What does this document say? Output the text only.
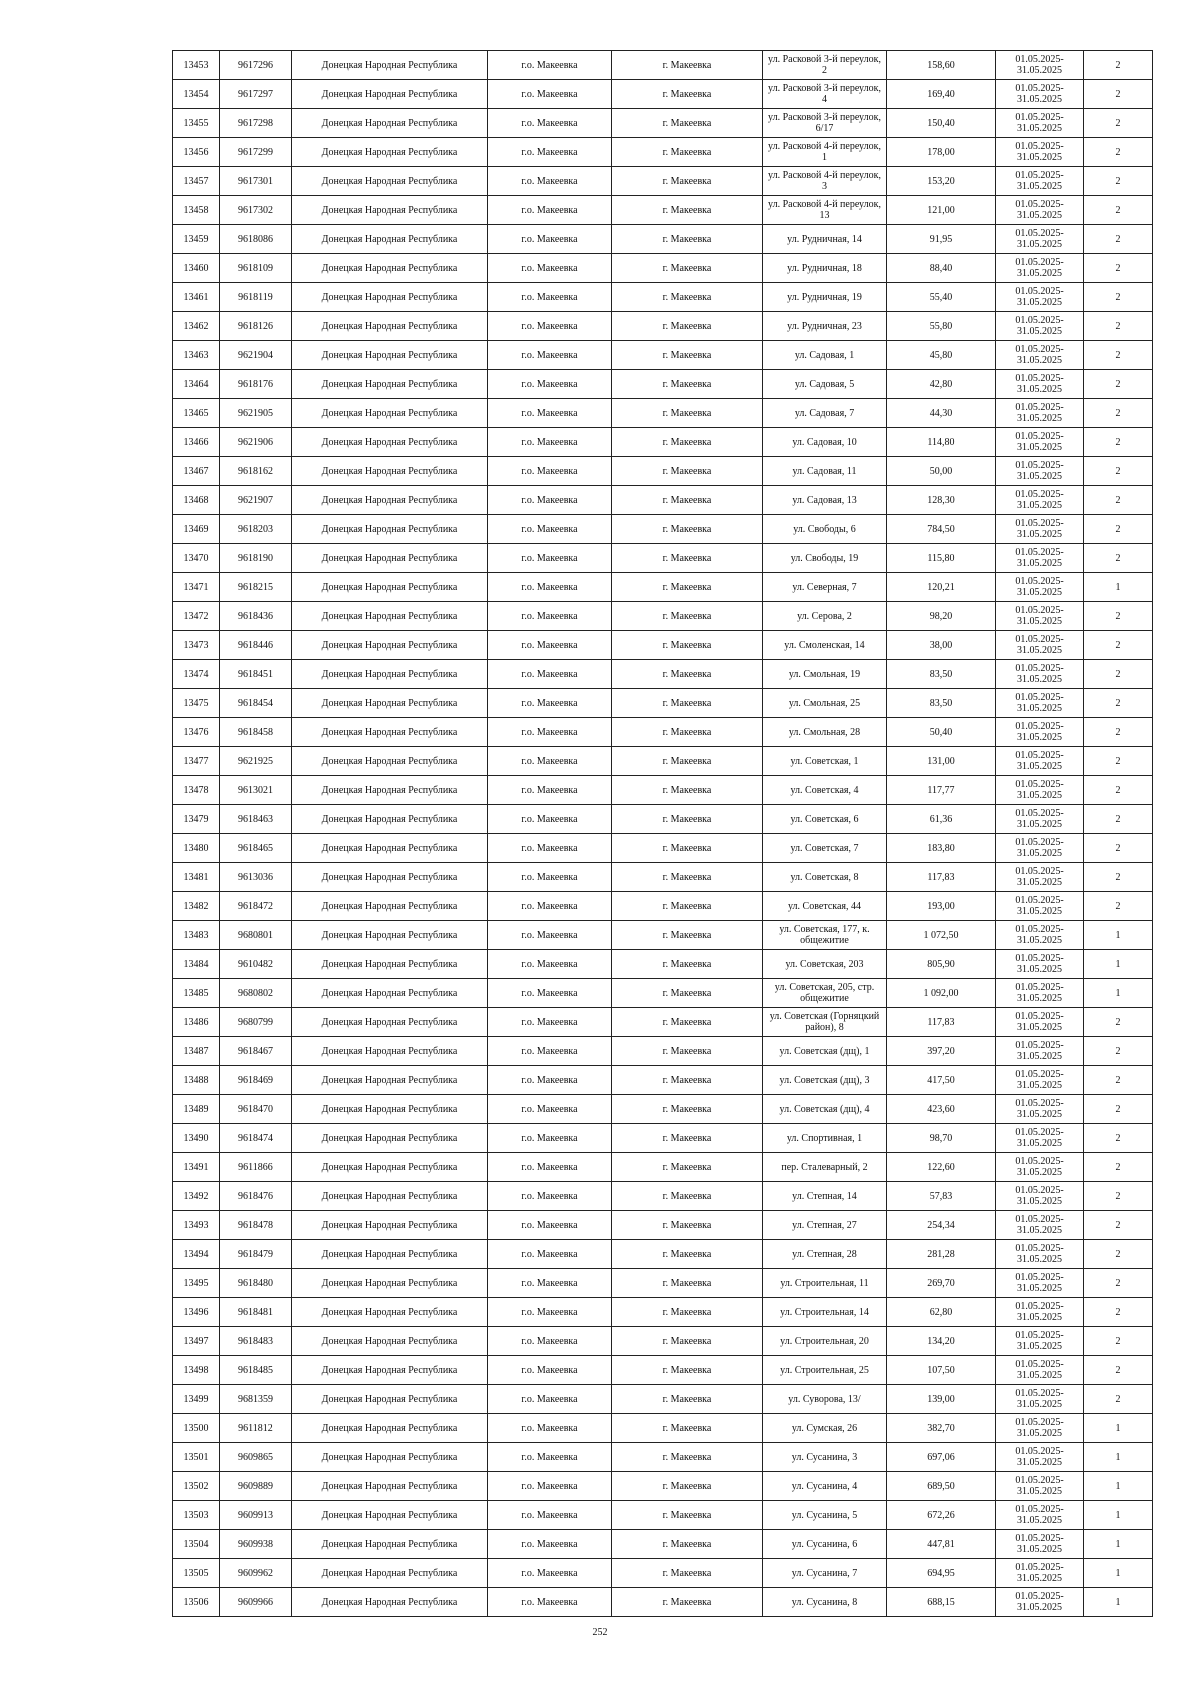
13453	9617296	Донецкая Народная Республика	г.о. Макеевка	г. Макеевка	ул. Расковой 3-й переулок, 2	158,60	01.05.2025- 31.05.2025	2
13454	9617297	Донецкая Народная Республика	г.о. Макеевка	г. Макеевка	ул. Расковой 3-й переулок, 4	169,40	01.05.2025- 31.05.2025	2
13455	9617298	Донецкая Народная Республика	г.о. Макеевка	г. Макеевка	ул. Расковой 3-й переулок, 6/17	150,40	01.05.2025- 31.05.2025	2
13456	9617299	Донецкая Народная Республика	г.о. Макеевка	г. Макеевка	ул. Расковой 4-й переулок, 1	178,00	01.05.2025- 31.05.2025	2
13457	9617301	Донецкая Народная Республика	г.о. Макеевка	г. Макеевка	ул. Расковой 4-й переулок, 3	153,20	01.05.2025- 31.05.2025	2
13458	9617302	Донецкая Народная Республика	г.о. Макеевка	г. Макеевка	ул. Расковой 4-й переулок, 13	121,00	01.05.2025- 31.05.2025	2
13459	9618086	Донецкая Народная Республика	г.о. Макеевка	г. Макеевка	ул. Рудничная, 14	91,95	01.05.2025- 31.05.2025	2
13460	9618109	Донецкая Народная Республика	г.о. Макеевка	г. Макеевка	ул. Рудничная, 18	88,40	01.05.2025- 31.05.2025	2
13461	9618119	Донецкая Народная Республика	г.о. Макеевка	г. Макеевка	ул. Рудничная, 19	55,40	01.05.2025- 31.05.2025	2
13462	9618126	Донецкая Народная Республика	г.о. Макеевка	г. Макеевка	ул. Рудничная, 23	55,80	01.05.2025- 31.05.2025	2
13463	9621904	Донецкая Народная Республика	г.о. Макеевка	г. Макеевка	ул. Садовая, 1	45,80	01.05.2025- 31.05.2025	2
13464	9618176	Донецкая Народная Республика	г.о. Макеевка	г. Макеевка	ул. Садовая, 5	42,80	01.05.2025- 31.05.2025	2
13465	9621905	Донецкая Народная Республика	г.о. Макеевка	г. Макеевка	ул. Садовая, 7	44,30	01.05.2025- 31.05.2025	2
13466	9621906	Донецкая Народная Республика	г.о. Макеевка	г. Макеевка	ул. Садовая, 10	114,80	01.05.2025- 31.05.2025	2
13467	9618162	Донецкая Народная Республика	г.о. Макеевка	г. Макеевка	ул. Садовая, 11	50,00	01.05.2025- 31.05.2025	2
13468	9621907	Донецкая Народная Республика	г.о. Макеевка	г. Макеевка	ул. Садовая, 13	128,30	01.05.2025- 31.05.2025	2
13469	9618203	Донецкая Народная Республика	г.о. Макеевка	г. Макеевка	ул. Свободы, 6	784,50	01.05.2025- 31.05.2025	2
13470	9618190	Донецкая Народная Республика	г.о. Макеевка	г. Макеевка	ул. Свободы, 19	115,80	01.05.2025- 31.05.2025	2
13471	9618215	Донецкая Народная Республика	г.о. Макеевка	г. Макеевка	ул. Северная, 7	120,21	01.05.2025- 31.05.2025	1
13472	9618436	Донецкая Народная Республика	г.о. Макеевка	г. Макеевка	ул. Серова, 2	98,20	01.05.2025- 31.05.2025	2
13473	9618446	Донецкая Народная Республика	г.о. Макеевка	г. Макеевка	ул. Смоленская, 14	38,00	01.05.2025- 31.05.2025	2
13474	9618451	Донецкая Народная Республика	г.о. Макеевка	г. Макеевка	ул. Смольная, 19	83,50	01.05.2025- 31.05.2025	2
13475	9618454	Донецкая Народная Республика	г.о. Макеевка	г. Макеевка	ул. Смольная, 25	83,50	01.05.2025- 31.05.2025	2
13476	9618458	Донецкая Народная Республика	г.о. Макеевка	г. Макеевка	ул. Смольная, 28	50,40	01.05.2025- 31.05.2025	2
13477	9621925	Донецкая Народная Республика	г.о. Макеевка	г. Макеевка	ул. Советская, 1	131,00	01.05.2025- 31.05.2025	2
13478	9613021	Донецкая Народная Республика	г.о. Макеевка	г. Макеевка	ул. Советская, 4	117,77	01.05.2025- 31.05.2025	2
13479	9618463	Донецкая Народная Республика	г.о. Макеевка	г. Макеевка	ул. Советская, 6	61,36	01.05.2025- 31.05.2025	2
13480	9618465	Донецкая Народная Республика	г.о. Макеевка	г. Макеевка	ул. Советская, 7	183,80	01.05.2025- 31.05.2025	2
13481	9613036	Донецкая Народная Республика	г.о. Макеевка	г. Макеевка	ул. Советская, 8	117,83	01.05.2025- 31.05.2025	2
13482	9618472	Донецкая Народная Республика	г.о. Макеевка	г. Макеевка	ул. Советская, 44	193,00	01.05.2025- 31.05.2025	2
13483	9680801	Донецкая Народная Республика	г.о. Макеевка	г. Макеевка	ул. Советская, 177, к. общежитие	1 072,50	01.05.2025- 31.05.2025	1
13484	9610482	Донецкая Народная Республика	г.о. Макеевка	г. Макеевка	ул. Советская, 203	805,90	01.05.2025- 31.05.2025	1
13485	9680802	Донецкая Народная Республика	г.о. Макеевка	г. Макеевка	ул. Советская, 205, стр. общежитие	1 092,00	01.05.2025- 31.05.2025	1
13486	9680799	Донецкая Народная Республика	г.о. Макеевка	г. Макеевка	ул. Советская (Горняцкий район), 8	117,83	01.05.2025- 31.05.2025	2
13487	9618467	Донецкая Народная Республика	г.о. Макеевка	г. Макеевка	ул. Советская (дщ), 1	397,20	01.05.2025- 31.05.2025	2
13488	9618469	Донецкая Народная Республика	г.о. Макеевка	г. Макеевка	ул. Советская (дщ), 3	417,50	01.05.2025- 31.05.2025	2
13489	9618470	Донецкая Народная Республика	г.о. Макеевка	г. Макеевка	ул. Советская (дщ), 4	423,60	01.05.2025- 31.05.2025	2
13490	9618474	Донецкая Народная Республика	г.о. Макеевка	г. Макеевка	ул. Спортивная, 1	98,70	01.05.2025- 31.05.2025	2
13491	9611866	Донецкая Народная Республика	г.о. Макеевка	г. Макеевка	пер. Сталеварный, 2	122,60	01.05.2025- 31.05.2025	2
13492	9618476	Донецкая Народная Республика	г.о. Макеевка	г. Макеевка	ул. Степная, 14	57,83	01.05.2025- 31.05.2025	2
13493	9618478	Донецкая Народная Республика	г.о. Макеевка	г. Макеевка	ул. Степная, 27	254,34	01.05.2025- 31.05.2025	2
13494	9618479	Донецкая Народная Республика	г.о. Макеевка	г. Макеевка	ул. Степная, 28	281,28	01.05.2025- 31.05.2025	2
13495	9618480	Донецкая Народная Республика	г.о. Макеевка	г. Макеевка	ул. Строительная, 11	269,70	01.05.2025- 31.05.2025	2
13496	9618481	Донецкая Народная Республика	г.о. Макеевка	г. Макеевка	ул. Строительная, 14	62,80	01.05.2025- 31.05.2025	2
13497	9618483	Донецкая Народная Республика	г.о. Макеевка	г. Макеевка	ул. Строительная, 20	134,20	01.05.2025- 31.05.2025	2
13498	9618485	Донецкая Народная Республика	г.о. Макеевка	г. Макеевка	ул. Строительная, 25	107,50	01.05.2025- 31.05.2025	2
13499	9681359	Донецкая Народная Республика	г.о. Макеевка	г. Макеевка	ул. Суворова, 13/	139,00	01.05.2025- 31.05.2025	2
13500	9611812	Донецкая Народная Республика	г.о. Макеевка	г. Макеевка	ул. Сумская, 26	382,70	01.05.2025- 31.05.2025	1
13501	9609865	Донецкая Народная Республика	г.о. Макеевка	г. Макеевка	ул. Сусанина, 3	697,06	01.05.2025- 31.05.2025	1
13502	9609889	Донецкая Народная Республика	г.о. Макеевка	г. Макеевка	ул. Сусанина, 4	689,50	01.05.2025- 31.05.2025	1
13503	9609913	Донецкая Народная Республика	г.о. Макеевка	г. Макеевка	ул. Сусанина, 5	672,26	01.05.2025- 31.05.2025	1
13504	9609938	Донецкая Народная Республика	г.о. Макеевка	г. Макеевка	ул. Сусанина, 6	447,81	01.05.2025- 31.05.2025	1
13505	9609962	Донецкая Народная Республика	г.о. Макеевка	г. Макеевка	ул. Сусанина, 7	694,95	01.05.2025- 31.05.2025	1
13506	9609966	Донецкая Народная Республика	г.о. Макеевка	г. Макеевка	ул. Сусанина, 8	688,15	01.05.2025- 31.05.2025	1
252
